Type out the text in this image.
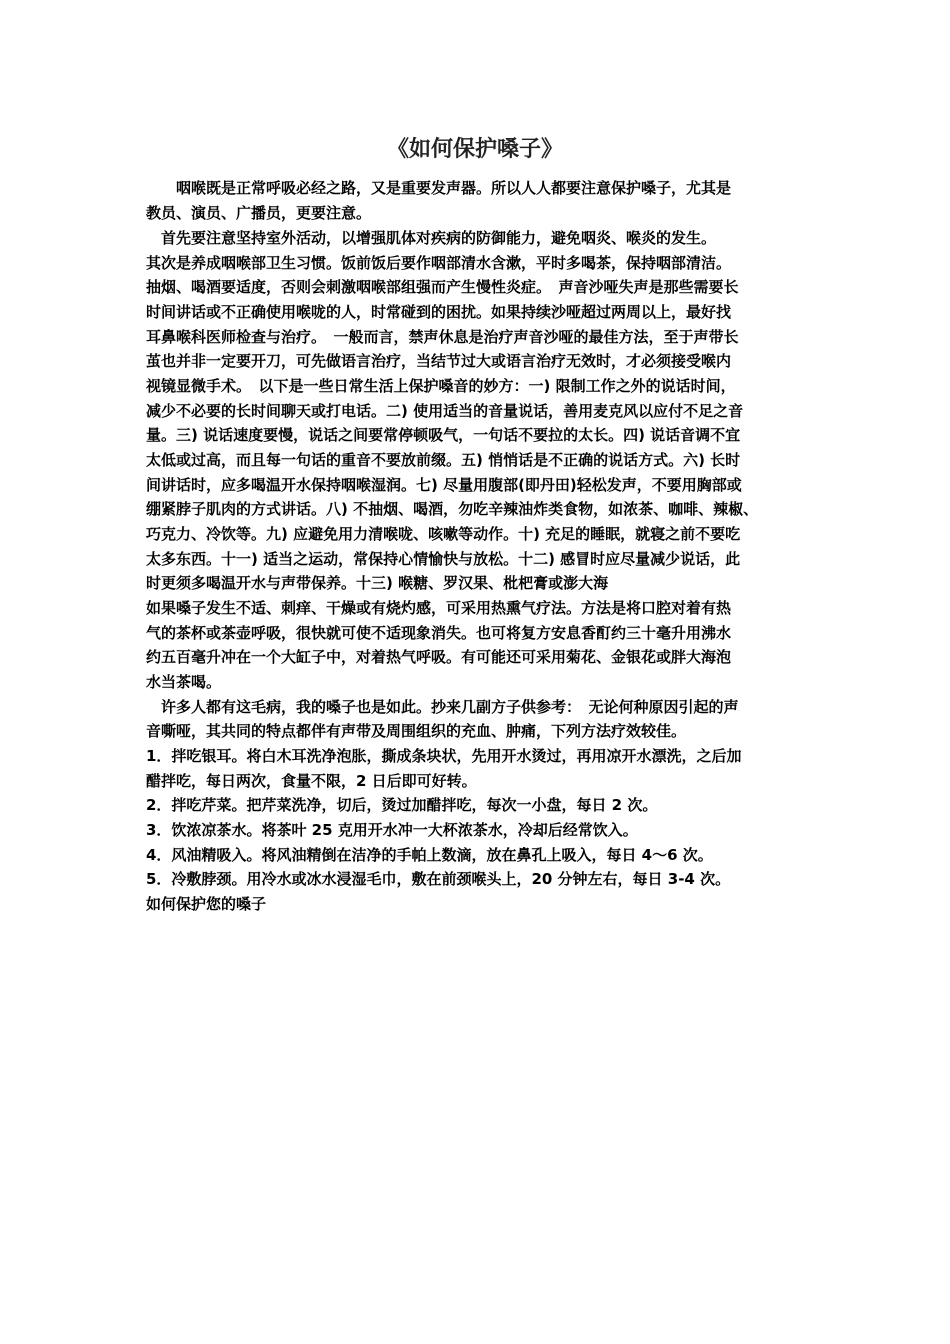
《如何保护嗓子》

　　咽喉既是正常呼吸必经之路，又是重要发声器。所以人人都要注意保护嗓子，尤其是

教员、演员、广播员，更要注意。

　首先要注意坚持室外活动，以增强肌体对疾病的防御能力，避免咽炎、喉炎的发生。

其次是养成咽喉部卫生习惯。饭前饭后要作咽部清水含漱，平时多喝茶，保持咽部清洁。

抽烟、喝酒要适度，否则会刺激咽喉部组强而产生慢性炎症。　声音沙哑失声是那些需要长

时间讲话或不正确使用喉咙的人，时常碰到的困扰。如果持续沙哑超过两周以上，最好找

耳鼻喉科医师检查与治疗。　一般而言，禁声休息是治疗声音沙哑的最佳方法，至于声带长

茧也并非一定要开刀，可先做语言治疗，当结节过大或语言治疗无效时，才必须接受喉内

视镜显微手术。　以下是一些日常生活上保护嗓音的妙方：一) 限制工作之外的说话时间，

减少不必要的长时间聊天或打电话。二) 使用适当的音量说话，善用麦克风以应付不足之音

量。三) 说话速度要慢，说话之间要常停顿吸气，一句话不要拉的太长。四) 说话音调不宜

太低或过高，而且每一句话的重音不要放前缀。五) 悄悄话是不正确的说话方式。六) 长时

间讲话时，应多喝温开水保持咽喉湿润。七) 尽量用腹部(即丹田)轻松发声，不要用胸部或

绷紧脖子肌肉的方式讲话。八) 不抽烟、喝酒，勿吃辛辣油炸类食物，如浓茶、咖啡、辣椒、

巧克力、冷饮等。九) 应避免用力清喉咙、咳嗽等动作。十) 充足的睡眠，就寝之前不要吃

太多东西。十一) 适当之运动，常保持心情愉快与放松。十二) 感冒时应尽量减少说话，此

时更须多喝温开水与声带保养。十三) 喉糖、罗汉果、枇杷膏或澎大海

如果嗓子发生不适、刺痒、干燥或有烧灼感，可采用热熏气疗法。方法是将口腔对着有热

气的茶杯或茶壶呼吸，很快就可使不适现象消失。也可将复方安息香酊约三十毫升用沸水

约五百毫升冲在一个大缸子中，对着热气呼吸。有可能还可采用菊花、金银花或胖大海泡

水当茶喝。

　许多人都有这毛病，我的嗓子也是如此。抄来几副方子供参考：　无论何种原因引起的声

音嘶哑，其共同的特点都伴有声带及周围组织的充血、肿痛，下列方法疗效较佳。

1．拌吃银耳。将白木耳洗净泡胀，撕成条块状，先用开水烫过，再用凉开水漂洗，之后加

醋拌吃，每日两次，食量不限，2 日后即可好转。

2．拌吃芹菜。把芹菜洗净，切后，烫过加醋拌吃，每次一小盘，每日 2 次。

3．饮浓凉茶水。将茶叶 25 克用开水冲一大杯浓茶水，冷却后经常饮入。

4．风油精吸入。将风油精倒在洁净的手帕上数滴，放在鼻孔上吸入，每日 4～6 次。

5．冷敷脖颈。用冷水或冰水浸湿毛巾，敷在前颈喉头上，20 分钟左右，每日 3-4 次。

如何保护您的嗓子
